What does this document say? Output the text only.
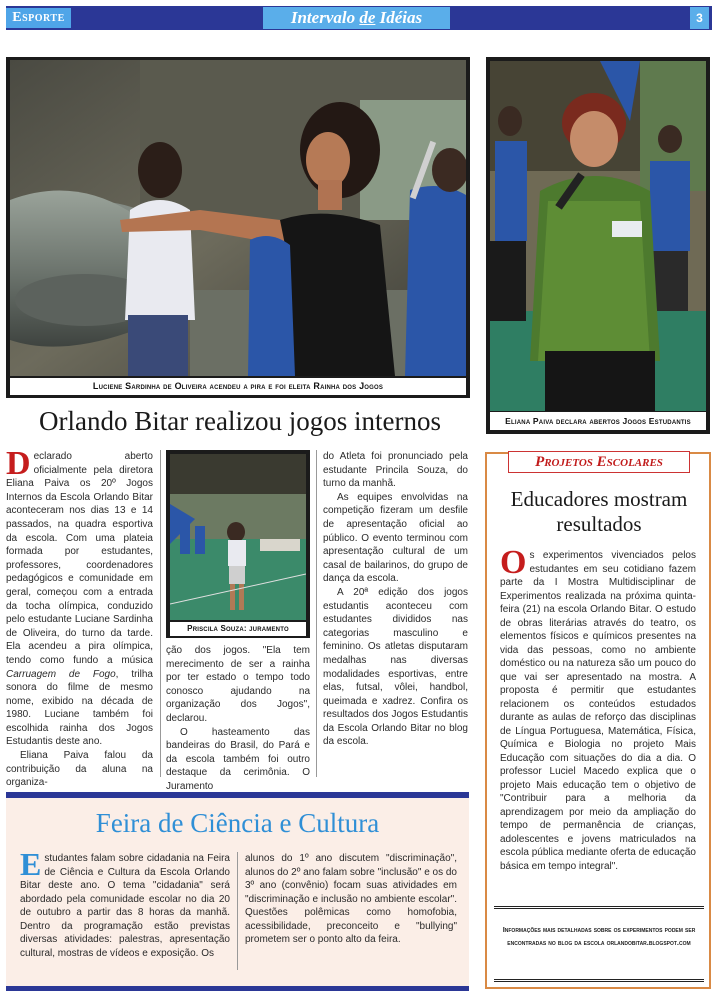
Esporte	Intervalo de Idéias	3
Luciene Sardinha de Oliveira acendeu a pira e foi eleita Rainha dos Jogos
Eliana Paiva declara abertos Jogos Estudantis
Orlando Bitar realizou jogos internos

Declarado aberto oficialmente pela diretora Eliana Paiva os 20º Jogos Internos da Escola Orlando Bitar aconteceram nos dias 13 e 14 passados, na quadra esportiva da escola. Com uma plateia formada por estudantes, professores, coordenadores pedagógicos e comunidade em geral, começou com a entrada da tocha olímpica, conduzido pelo estudante Luciane Sardinha de Oliveira, do turno da tarde. Ela acendeu a pira olímpica, tendo como fundo a música Carruagem de Fogo, trilha sonora do filme de mesmo nome, exibido na década de 1980. Luciane também foi escolhida rainha dos Jogos Estudantis deste ano.

Eliana Paiva falou da contribuição da aluna na organiza-

Priscila Souza: juramento

ção dos jogos. "Ela tem merecimento de ser a rainha por ter estado o tempo todo conosco ajudando na organização dos Jogos", declarou.

O hasteamento das bandeiras do Brasil, do Pará e da escola também foi outro destaque da cerimônia. O Juramento

do Atleta foi pronunciado pela estudante Princila Souza, do turno da manhã.

As equipes envolvidas na competição fizeram um desfile de apresentação oficial ao público. O evento terminou com apresentação cultural de um casal de bailarinos, do grupo de dança da escola.

A 20ª edição dos jogos estudantis aconteceu com estudantes divididos nas categorias masculino e feminino. Os atletas disputaram medalhas nas diversas modalidades esportivas, entre elas, futsal, vôlei, handbol, queimada e xadrez. Confira os resultados dos Jogos Estudantis da Escola Orlando Bitar no blog da escola.

Projetos Escolares
Educadores mostram resultados

Os experimentos vivenciados pelos estudantes em seu cotidiano fazem parte da I Mostra Multidisciplinar de Experimentos realizada na próxima quinta-feira (21) na escola Orlando Bitar. O estudo de obras literárias através do teatro, os elementos físicos e químicos presentes na vida das pessoas, como no ambiente doméstico ou na natureza são um pouco do que vai ser apresentado na mostra. A proposta é permitir que estudantes relacionem os conteúdos estudados durante as aulas de reforço das disciplinas de Língua Portuguesa, Matemática, Física, Química e Biologia no projeto Mais Educação com situações do dia a dia. O professor Luciel Macedo explica que o projeto Mais educação tem o objetivo de "Contribuir para a melhoria da aprendizagem por meio da ampliação do tempo de permanência de crianças, adolescentes e jovens matriculados na escola pública mediante oferta de educação básica em tempo integral".

Informações mais detalhadas sobre os experimentos podem ser encontradas no blog da escola orlandobitar.blogspot.com
Feira de Ciência e Cultura
Estudantes falam sobre cidadania na Feira de Ciência e Cultura da Escola Orlando Bitar deste ano. O tema "cidadania" será abordado pela comunidade escolar no dia 20 de outubro a partir das 8 horas da manhã. Dentro da programação estão previstas diversas atividades: palestras, apresentação cultural, mostras de vídeos e exposição. Os
alunos do 1º ano discutem "discriminação", alunos do 2º ano falam sobre "inclusão" e os do 3º ano (convênio) focam suas atividades em "discriminação e inclusão no ambiente escolar". Questões polêmicas como homofobia, acessibilidade, preconceito e "bullying" prometem ser o ponto alto da feira.
